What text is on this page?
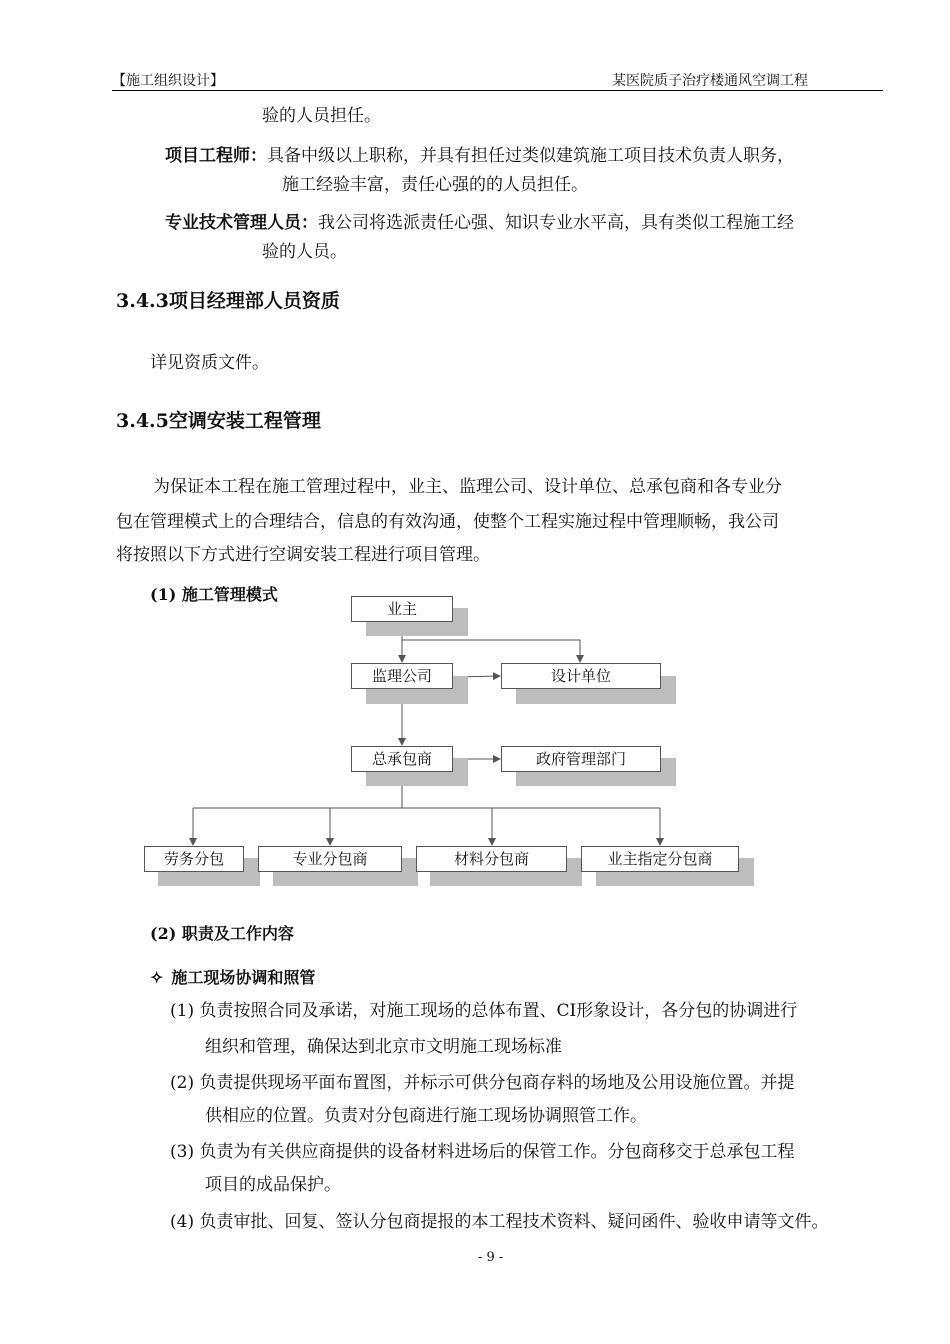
【施工组织设计】	某医院质子治疗楼通风空调工程
验的人员担任。
项目工程师：具备中级以上职称，并具有担任过类似建筑施工项目技术负责人职务，
施工经验丰富，责任心强的的人员担任。
专业技术管理人员：我公司将选派责任心强、知识专业水平高，具有类似工程施工经
验的人员。
3.4.3项目经理部人员资质
详见资质文件。
3.4.5空调安装工程管理
为保证本工程在施工管理过程中，业主、监理公司、设计单位、总承包商和各专业分
包在管理模式上的合理结合，信息的有效沟通，使整个工程实施过程中管理顺畅，我公司
将按照以下方式进行空调安装工程进行项目管理。
(1) 施工管理模式
业主
监理公司	设计单位
总承包商	政府管理部门
劳务分包	专业分包商	材料分包商	业主指定分包商
(2) 职责及工作内容
✧ 施工现场协调和照管
(1) 负责按照合同及承诺，对施工现场的总体布置、CI形象设计，各分包的协调进行
组织和管理，确保达到北京市文明施工现场标准
(2) 负责提供现场平面布置图，并标示可供分包商存料的场地及公用设施位置。并提
供相应的位置。负责对分包商进行施工现场协调照管工作。
(3) 负责为有关供应商提供的设备材料进场后的保管工作。分包商移交于总承包工程
项目的成品保护。
(4) 负责审批、回复、签认分包商提报的本工程技术资料、疑问函件、验收申请等文件。
- 9 -
